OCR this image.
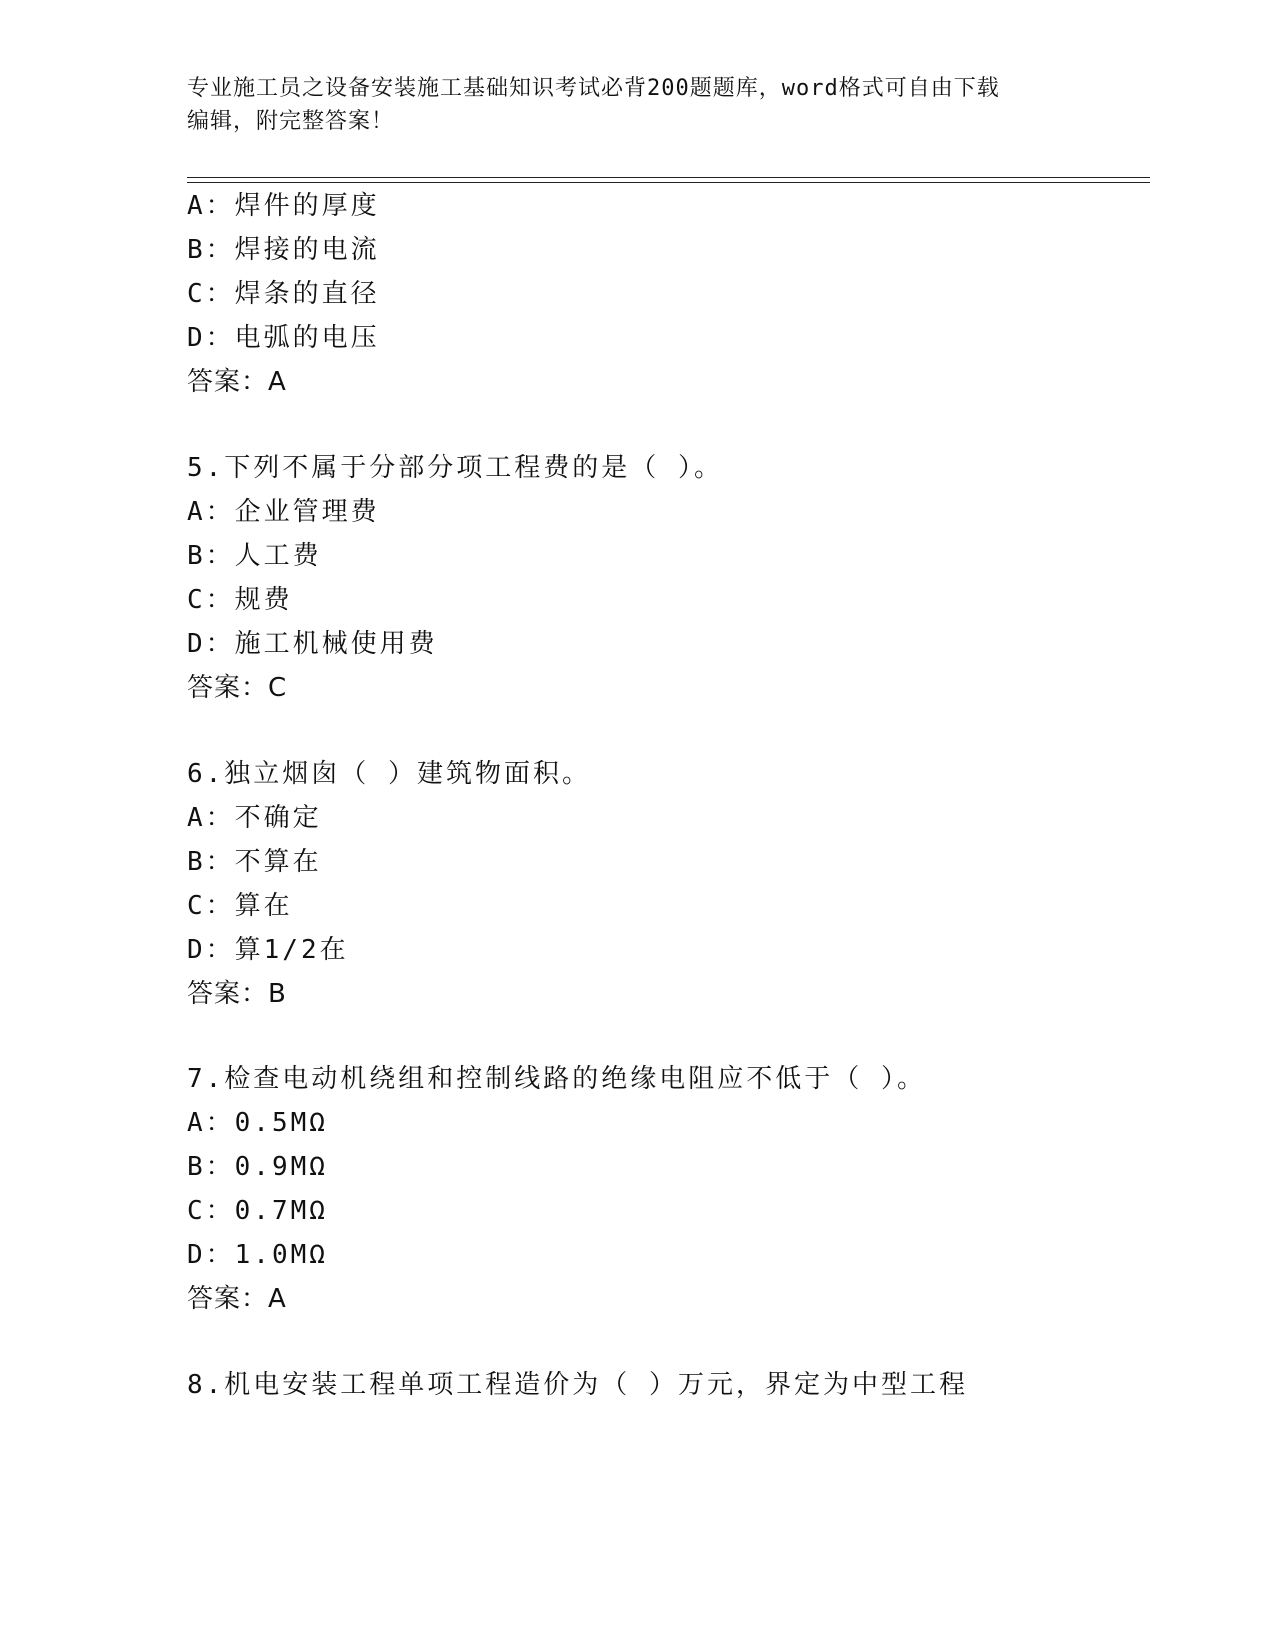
专业施工员之设备安装施工基础知识考试必背200题题库，word格式可自由下载
编辑，附完整答案！
A：焊件的厚度
B：焊接的电流
C：焊条的直径
D：电弧的电压
答案：A
5.下列不属于分部分项工程费的是（ ）。
A：企业管理费
B：人工费
C：规费
D：施工机械使用费
答案：C
6.独立烟囱（ ）建筑物面积。
A：不确定
B：不算在
C：算在
D：算1/2在
答案：B
7.检查电动机绕组和控制线路的绝缘电阻应不低于（ ）。
A：0.5MΩ
B：0.9MΩ
C：0.7MΩ
D：1.0MΩ
答案：A
8.机电安装工程单项工程造价为（ ）万元，界定为中型工程
